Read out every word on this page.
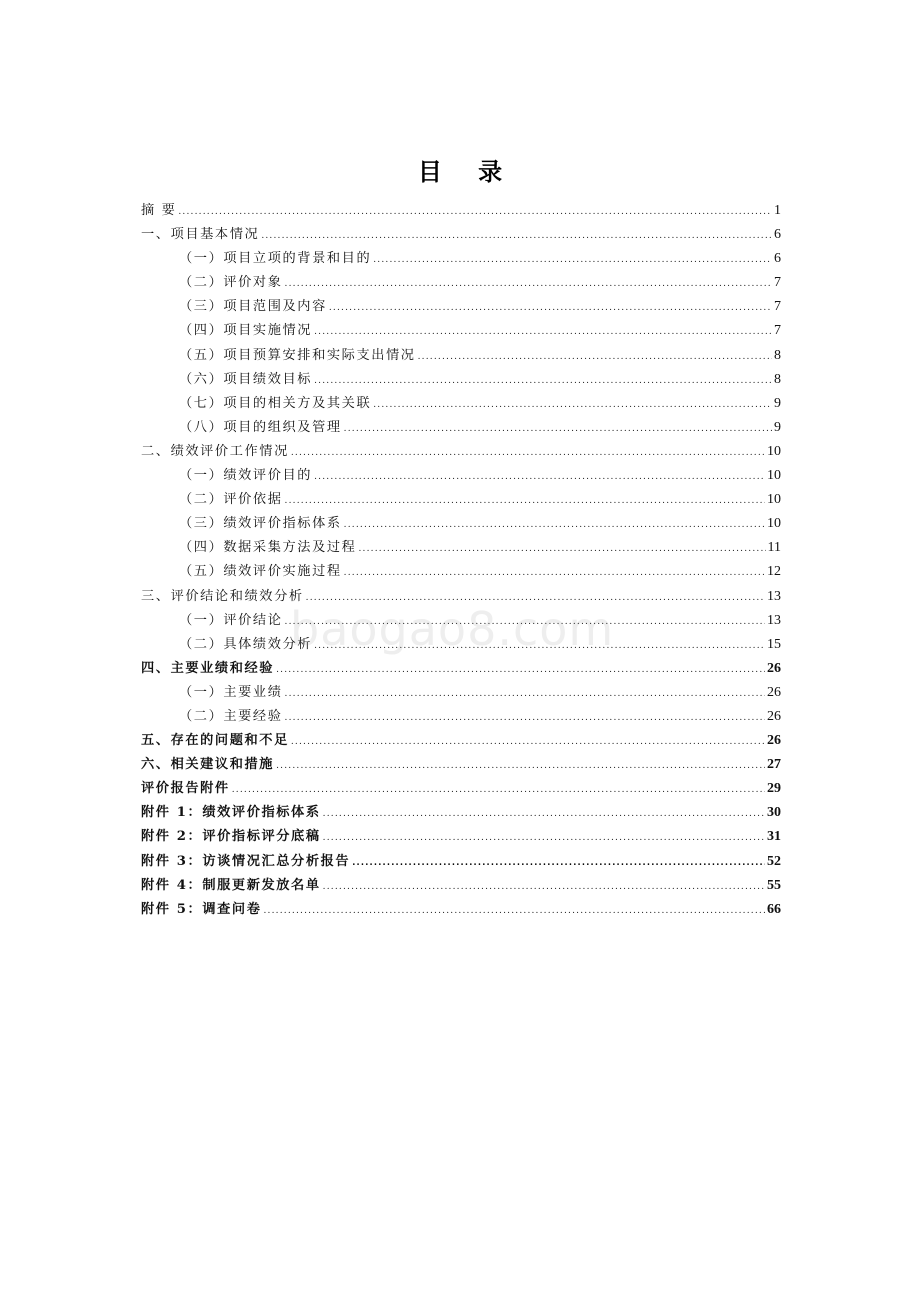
目 录
摘 要 .....	1
一、项目基本情况 .....	6
（一）项目立项的背景和目的 .....	6
（二）评价对象 .....	7
（三）项目范围及内容 .....	7
（四）项目实施情况 .....	7
（五）项目预算安排和实际支出情况 .....	8
（六）项目绩效目标 .....	8
（七）项目的相关方及其关联 .....	9
（八）项目的组织及管理 .....	9
二、绩效评价工作情况 .....	10
（一）绩效评价目的 .....	10
（二）评价依据 .....	10
（三）绩效评价指标体系 .....	10
（四）数据采集方法及过程 .....	11
（五）绩效评价实施过程 .....	12
三、评价结论和绩效分析 .....	13
（一）评价结论 .....	13
（二）具体绩效分析 .....	15
四、主要业绩和经验 .....	26
（一）主要业绩 .....	26
（二）主要经验 .....	26
五、存在的问题和不足 .....	26
六、相关建议和措施 .....	27
评价报告附件 .....	29
附件 1：绩效评价指标体系 .....	30
附件 2：评价指标评分底稿 .....	31
附件 3：访谈情况汇总分析报告 .....	52
附件 4：制服更新发放名单 .....	55
附件 5：调查问卷 .....	66
baogao8.com
